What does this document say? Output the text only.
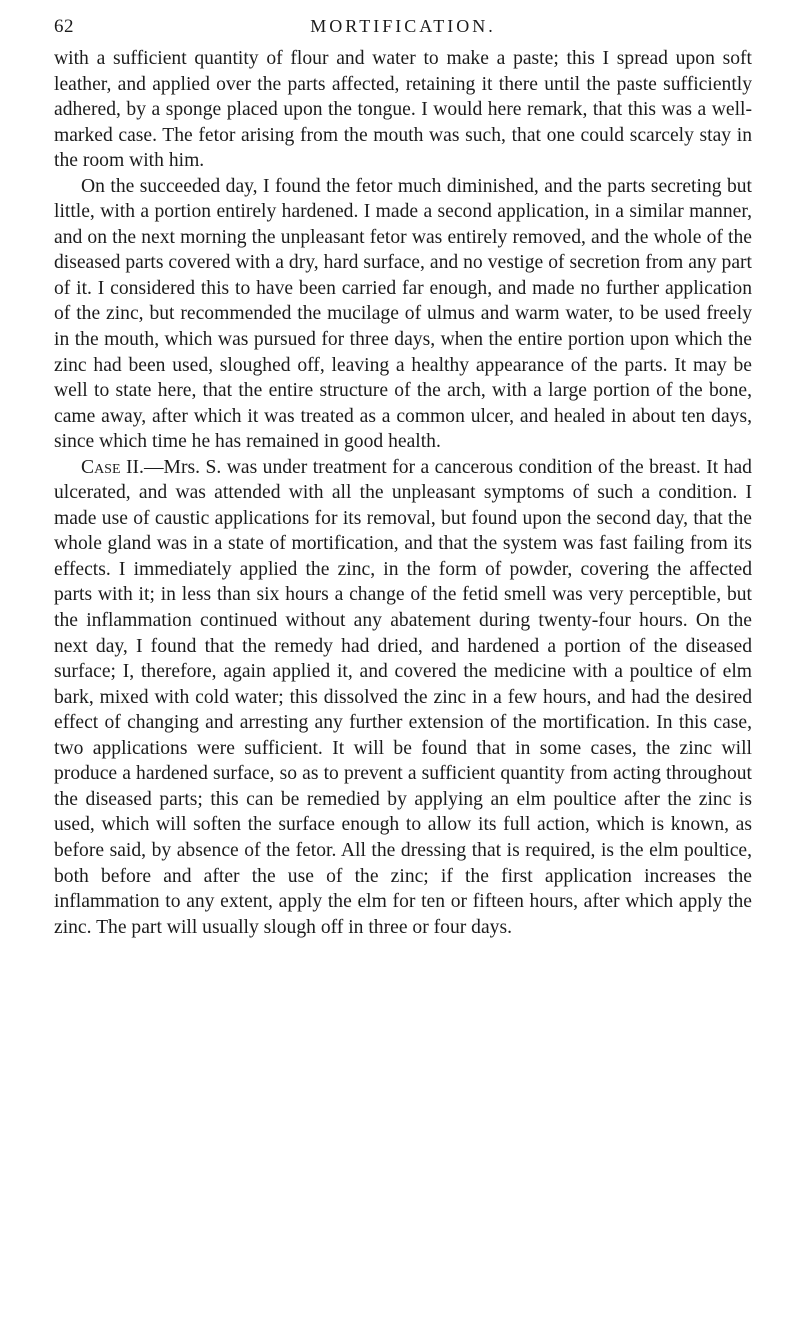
62	MORTIFICATION.

with a sufficient quantity of flour and water to make a paste; this I spread upon soft leather, and applied over the parts affected, retaining it there until the paste sufficiently adhered, by a sponge placed upon the tongue. I would here remark, that this was a well-marked case. The fetor arising from the mouth was such, that one could scarcely stay in the room with him.

On the succeeded day, I found the fetor much diminished, and the parts secreting but little, with a portion entirely hardened. I made a second application, in a similar manner, and on the next morning the unpleasant fetor was entirely removed, and the whole of the diseased parts covered with a dry, hard surface, and no vestige of secretion from any part of it. I considered this to have been carried far enough, and made no further application of the zinc, but recommended the mucilage of ulmus and warm water, to be used freely in the mouth, which was pursued for three days, when the entire portion upon which the zinc had been used, sloughed off, leaving a healthy appearance of the parts. It may be well to state here, that the entire structure of the arch, with a large portion of the bone, came away, after which it was treated as a common ulcer, and healed in about ten days, since which time he has remained in good health.

Case II.—Mrs. S. was under treatment for a cancerous condition of the breast. It had ulcerated, and was attended with all the unpleasant symptoms of such a condition. I made use of caustic applications for its removal, but found upon the second day, that the whole gland was in a state of mortification, and that the system was fast failing from its effects. I immediately applied the zinc, in the form of powder, covering the affected parts with it; in less than six hours a change of the fetid smell was very perceptible, but the inflammation continued without any abatement during twenty-four hours. On the next day, I found that the remedy had dried, and hardened a portion of the diseased surface; I, therefore, again applied it, and covered the medicine with a poultice of elm bark, mixed with cold water; this dissolved the zinc in a few hours, and had the desired effect of changing and arresting any further extension of the mortification. In this case, two applications were sufficient. It will be found that in some cases, the zinc will produce a hardened surface, so as to prevent a sufficient quantity from acting throughout the diseased parts; this can be remedied by applying an elm poultice after the zinc is used, which will soften the surface enough to allow its full action, which is known, as before said, by absence of the fetor. All the dressing that is required, is the elm poultice, both before and after the use of the zinc; if the first application increases the inflammation to any extent, apply the elm for ten or fifteen hours, after which apply the zinc. The part will usually slough off in three or four days.
